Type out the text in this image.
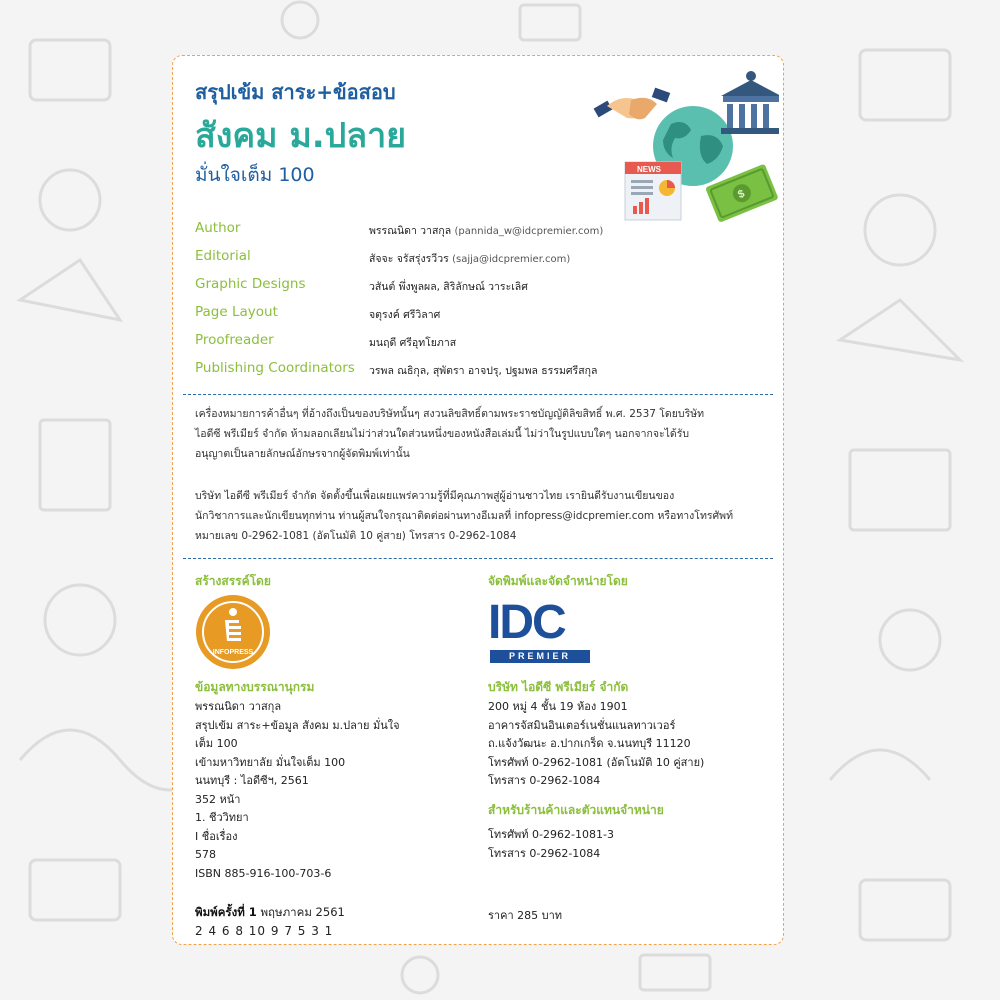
สรุปเข้ม สาระ+ข้อสอบ
สังคม ม.ปลาย
มั่นใจเต็ม 100	NEWS
$
Author	พรรณนิดา วาสกุล (pannida_w@idcpremier.com)
Editorial	สัจจะ จรัสรุ่งรวีวร (sajja@idcpremier.com)
Graphic Designs	วสันต์ พึ่งพูลผล, สิริลักษณ์ วาระเลิศ
Page Layout	จตุรงค์ ศรีวิลาศ
Proofreader	มนฤดี ศรีอุทโยภาส
Publishing Coordinators วรพล ณธิกุล, สุพัตรา อาจปรุ, ปฐมพล ธรรมศรีสกุล
เครื่องหมายการค้าอื่นๆ ที่อ้างถึงเป็นของบริษัทนั้นๆ สงวนลิขสิทธิ์ตามพระราชบัญญัติลิขสิทธิ์ พ.ศ. 2537 โดยบริษัท
ไอดีซี พรีเมียร์ จำกัด ห้ามลอกเลียนไม่ว่าส่วนใดส่วนหนึ่งของหนังสือเล่มนี้ ไม่ว่าในรูปแบบใดๆ นอกจากจะได้รับ
อนุญาตเป็นลายลักษณ์อักษรจากผู้จัดพิมพ์เท่านั้น
บริษัท ไอดีซี พรีเมียร์ จำกัด จัดตั้งขึ้นเพื่อเผยแพร่ความรู้ที่มีคุณภาพสู่ผู้อ่านชาวไทย เรายินดีรับงานเขียนของ
นักวิชาการและนักเขียนทุกท่าน ท่านผู้สนใจกรุณาติดต่อผ่านทางอีเมลที่ infopress@idcpremier.com หรือทางโทรศัพท์
หมายเลข 0-2962-1081 (อัตโนมัติ 10 คู่สาย) โทรสาร 0-2962-1084
สร้างสรรค์โดย
INFOPRESS
ข้อมูลทางบรรณานุกรม
พรรณนิดา วาสกุล
สรุปเข้ม สาระ+ข้อมูล สังคม ม.ปลาย มั่นใจ
เต็ม 100
เข้ามหาวิทยาลัย มั่นใจเต็ม 100
นนทบุรี : ไอดีซีฯ, 2561
352 หน้า
1. ชีววิทยา
I ชื่อเรื่อง
578
ISBN 885-916-100-703-6
จัดพิมพ์และจัดจำหน่ายโดย
IDC
PREMIER
บริษัท ไอดีซี พรีเมียร์ จำกัด
200 หมู่ 4 ชั้น 19 ห้อง 1901
อาคารจัสมินอินเตอร์เนชั่นแนลทาวเวอร์
ถ.แจ้งวัฒนะ อ.ปากเกร็ด จ.นนทบุรี 11120
โทรศัพท์ 0-2962-1081 (อัตโนมัติ 10 คู่สาย)
โทรสาร 0-2962-1084
สำหรับร้านค้าและตัวแทนจำหน่าย
โทรศัพท์ 0-2962-1081-3
โทรสาร 0-2962-1084
พิมพ์ครั้งที่ 1 พฤษภาคม 2561
2 4 6 8 10 9 7 5 3 1
ราคา 285 บาท
